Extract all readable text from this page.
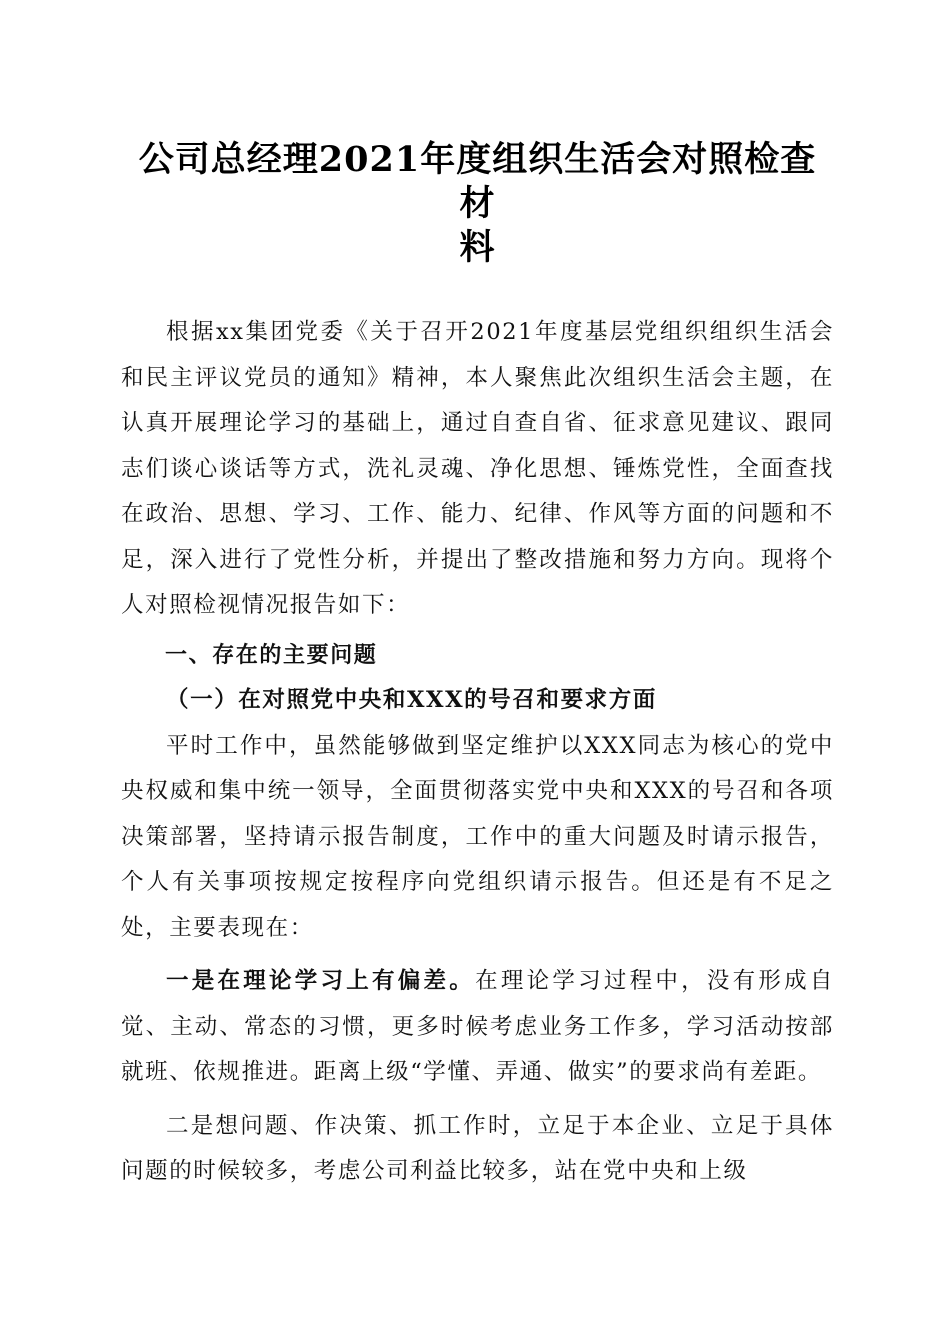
公司总经理2021年度组织生活会对照检查材
料

根据xx集团党委《关于召开2021年度基层党组织组织生活会和民主评议党员的通知》精神，本人聚焦此次组织生活会主题，在认真开展理论学习的基础上，通过自查自省、征求意见建议、跟同志们谈心谈话等方式，洗礼灵魂、净化思想、锤炼党性，全面查找在政治、思想、学习、工作、能力、纪律、作风等方面的问题和不足，深入进行了党性分析，并提出了整改措施和努力方向。现将个人对照检视情况报告如下：

一、存在的主要问题

（一）在对照党中央和XXX的号召和要求方面

平时工作中，虽然能够做到坚定维护以XXX同志为核心的党中央权威和集中统一领导，全面贯彻落实党中央和XXX的号召和各项决策部署，坚持请示报告制度，工作中的重大问题及时请示报告，个人有关事项按规定按程序向党组织请示报告。但还是有不足之处，主要表现在：

一是在理论学习上有偏差。在理论学习过程中，没有形成自觉、主动、常态的习惯，更多时候考虑业务工作多，学习活动按部就班、依规推进。距离上级“学懂、弄通、做实”的要求尚有差距。

二是想问题、作决策、抓工作时，立足于本企业、立足于具体问题的时候较多，考虑公司利益比较多，站在党中央和上级
